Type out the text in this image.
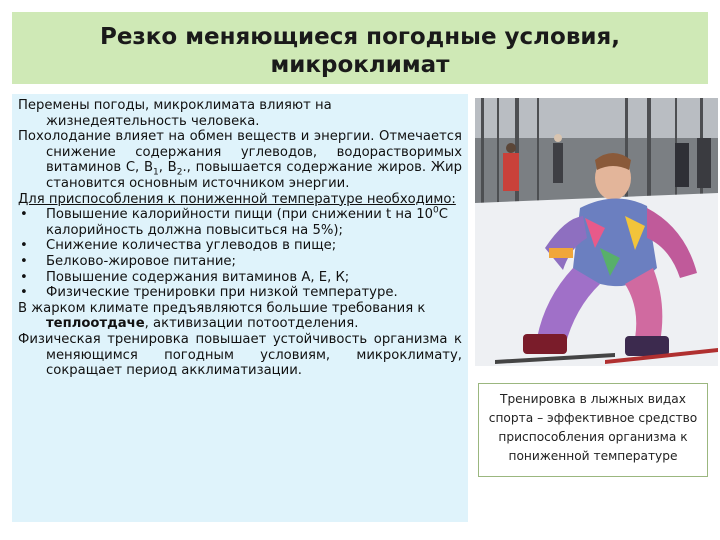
Резко меняющиеся погодные условия,
микроклимат

Перемены погоды, микроклимата влияют на жизнедеятельность человека.

Похолодание влияет на обмен веществ и энергии. Отмечается снижение содержания углеводов, водорастворимых витаминов С, $В_1$, $В_2$., повышается содержание жиров. Жир становится основным источником энергии.

Для приспособления к пониженной температуре необходимо:

• Повышение калорийности пищи (при снижении t на $10^0С$ калорийность должна повыситься на 5%);

• Снижение количества углеводов в пище;

• Белково-жировое питание;

• Повышение содержания витаминов А, Е, К;

• Физические тренировки при низкой температуре.

В жарком климате предъявляются большие требования к теплоотдаче, активизации потоотделения.

Физическая тренировка повышает устойчивость организма к меняющимся погодным условиям, микроклимату, сокращает период акклиматизации.

Тренировка в лыжных видах спорта – эффективное средство приспособления организма к пониженной температуре
